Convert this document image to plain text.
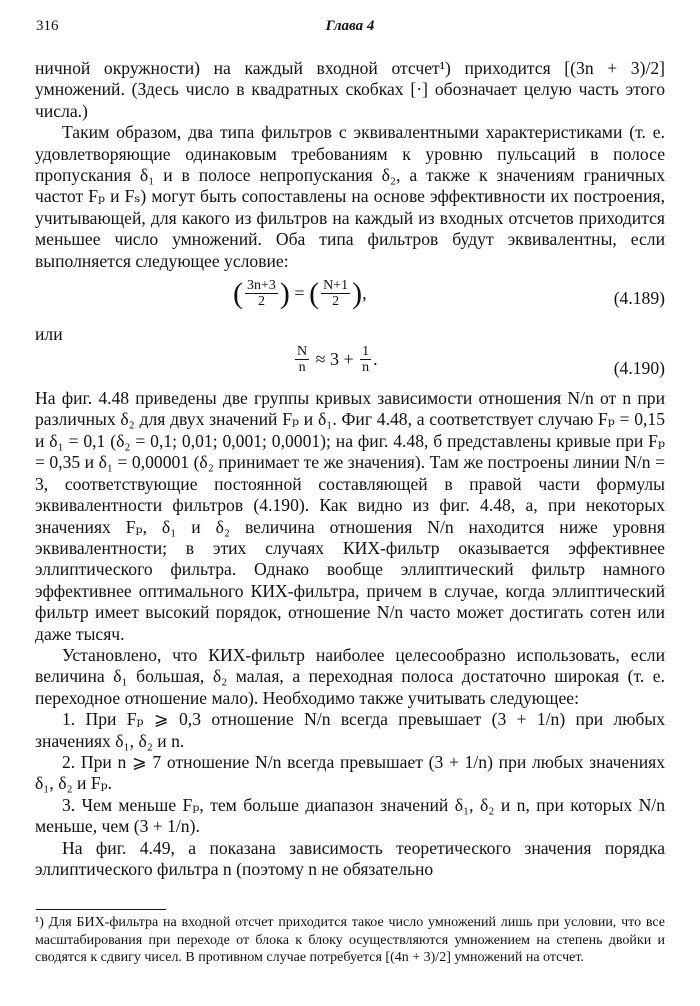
316	Глава 4

ничной окружности) на каждый входной отсчет¹) приходится [(3n + 3)/2] умножений. (Здесь число в квадратных скобках [·] обозначает целую часть этого числа.)

Таким образом, два типа фильтров с эквивалентными характеристиками (т. е. удовлетворяющие одинаковым требованиям к уровню пульсаций в полосе пропускания δ₁ и в полосе непропускания δ₂, а также к значениям граничных частот Fₚ и Fₛ) могут быть сопоставлены на основе эффективности их построения, учитывающей, для какого из фильтров на каждый из входных отсчетов приходится меньшее число умножений. Оба типа фильтров будут эквивалентны, если выполняется следующее условие:

( $\frac{3n+3}{2}$ ) = ( $\frac{N+1}{2}$ ),	(4.189)

или

$\frac{N}{n} \approx 3 + \frac{1}{n}$ .	(4.190)

На фиг. 4.48 приведены две группы кривых зависимости отношения N/n от n при различных δ₂ для двух значений Fₚ и δ₁. Фиг 4.48, а соответствует случаю Fₚ = 0,15 и δ₁ = 0,1 (δ₂ = 0,1; 0,01; 0,001; 0,0001); на фиг. 4.48, б представлены кривые при Fₚ = 0,35 и δ₁ = 0,00001 (δ₂ принимает те же значения). Там же построены линии N/n = 3, соответствующие постоянной составляющей в правой части формулы эквивалентности фильтров (4.190). Как видно из фиг. 4.48, а, при некоторых значениях Fₚ, δ₁ и δ₂ величина отношения N/n находится ниже уровня эквивалентности; в этих случаях КИХ-фильтр оказывается эффективнее эллиптического фильтра. Однако вообще эллиптический фильтр намного эффективнее оптимального КИХ-фильтра, причем в случае, когда эллиптический фильтр имеет высокий порядок, отношение N/n часто может достигать сотен или даже тысяч.

Установлено, что КИХ-фильтр наиболее целесообразно использовать, если величина δ₁ большая, δ₂ малая, а переходная полоса достаточно широкая (т. е. переходное отношение мало). Необходимо также учитывать следующее:

1. При Fₚ ⩾ 0,3 отношение N/n всегда превышает (3 + 1/n) при любых значениях δ₁, δ₂ и n.

2. При n ⩾ 7 отношение N/n всегда превышает (3 + 1/n) при любых значениях δ₁, δ₂ и Fₚ.

3. Чем меньше Fₚ, тем больше диапазон значений δ₁, δ₂ и n, при которых N/n меньше, чем (3 + 1/n).

На фиг. 4.49, а показана зависимость теоретического значения порядка эллиптического фильтра n (поэтому n не обязательно

¹) Для БИХ-фильтра на входной отсчет приходится такое число умножений лишь при условии, что все масштабирования при переходе от блока к блоку осуществляются умножением на степень двойки и сводятся к сдвигу чисел. В противном случае потребуется [(4n + 3)/2] умножений на отсчет.
